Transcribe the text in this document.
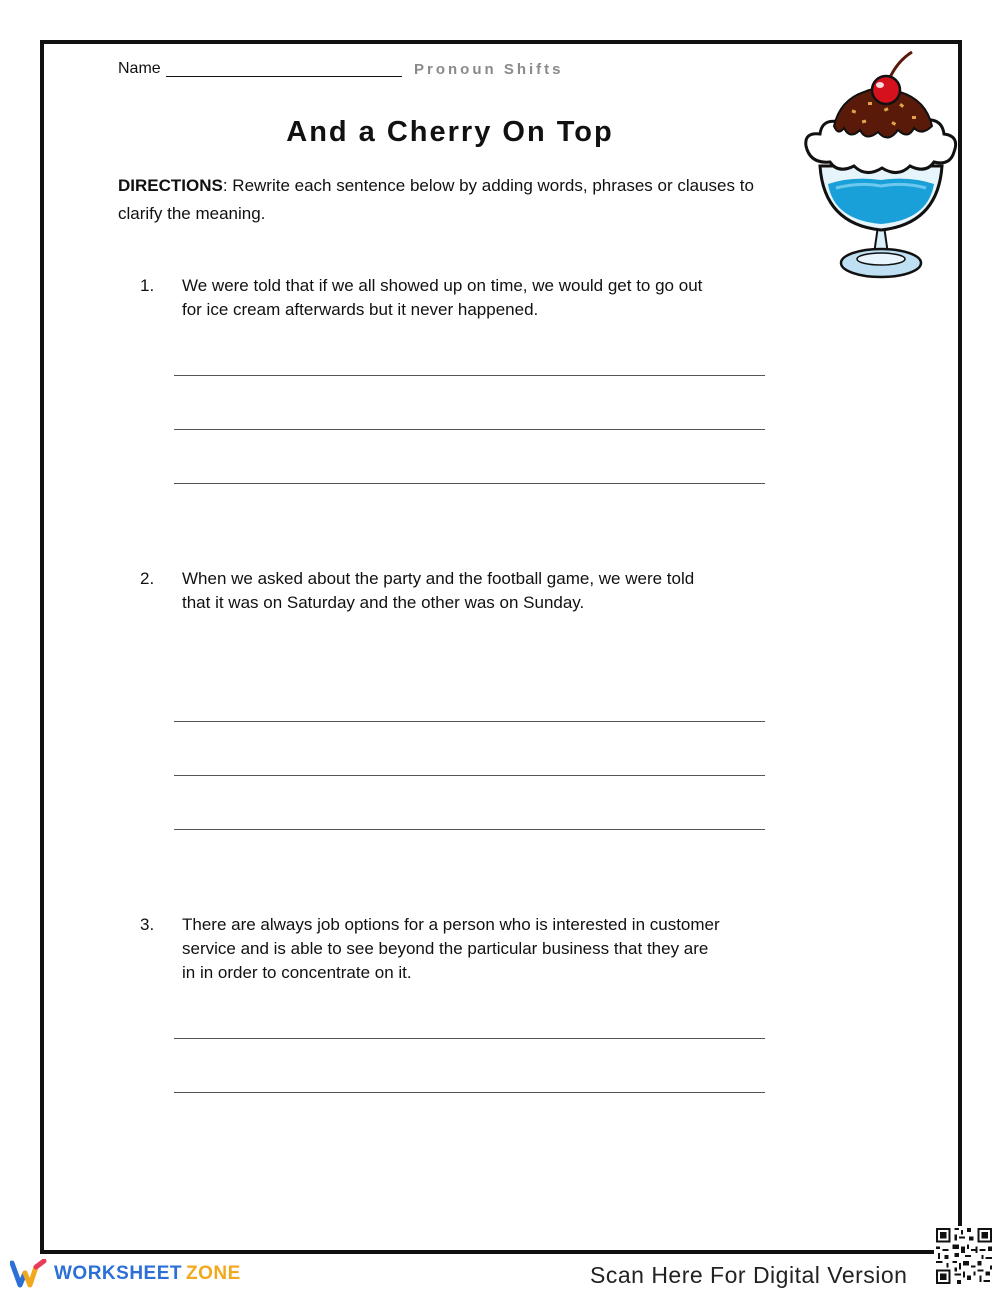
Name	Pronoun Shifts
And a Cherry On Top
DIRECTIONS: Rewrite each sentence below by adding words, phrases or clauses to clarify the meaning.
1. We were told that if we all showed up on time, we would get to go out
for ice cream afterwards but it never happened.
2. When we asked about the party and the football game, we were told
that it was on Saturday and the other was on Sunday.
3. There are always job options for a person who is interested in customer
service and is able to see beyond the particular business that they are
in in order to concentrate on it.
WORKSHEET ZONE	Scan Here For Digital Version
